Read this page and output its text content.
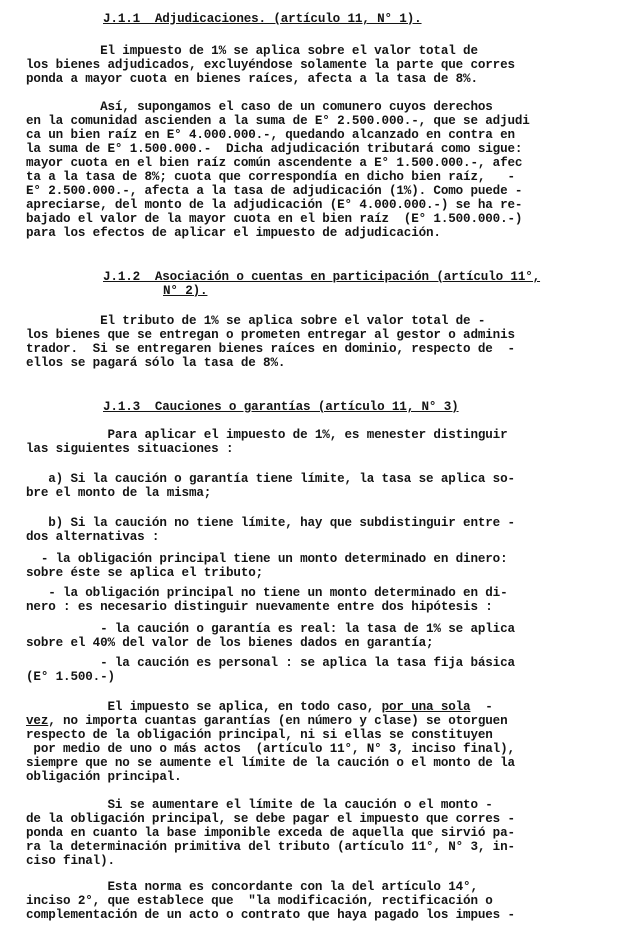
J.1.1  Adjudicaciones. (artículo 11, N° 1).
El impuesto de 1% se aplica sobre el valor total de
los bienes adjudicados, excluyéndose solamente la parte que corres
ponda a mayor cuota en bienes raíces, afecta a la tasa de 8%.
Así, supongamos el caso de un comunero cuyos derechos
en la comunidad ascienden a la suma de E° 2.500.000.-, que se adjudi
ca un bien raíz en E° 4.000.000.-, quedando alcanzado en contra en
la suma de E° 1.500.000.-  Dicha adjudicación tributará como sigue:
mayor cuota en el bien raíz común ascendente a E° 1.500.000.-, afec
ta a la tasa de 8%; cuota que correspondía en dicho bien raíz,   -
E° 2.500.000.-, afecta a la tasa de adjudicación (1%). Como puede -
apreciarse, del monto de la adjudicación (E° 4.000.000.-) se ha re-
bajado el valor de la mayor cuota en el bien raíz  (E° 1.500.000.-)
para los efectos de aplicar el impuesto de adjudicación.
J.1.2  Asociación o cuentas en participación (artículo 11°,
N° 2).
El tributo de 1% se aplica sobre el valor total de -
los bienes que se entregan o prometen entregar al gestor o adminis
trador.  Si se entregaren bienes raíces en dominio, respecto de  -
ellos se pagará sólo la tasa de 8%.
J.1.3  Cauciones o garantías (artículo 11, N° 3)
Para aplicar el impuesto de 1%, es menester distinguir
las siguientes situaciones :
a) Si la caución o garantía tiene límite, la tasa se aplica so-
bre el monto de la misma;
b) Si la caución no tiene límite, hay que subdistinguir entre -
dos alternativas :
- la obligación principal tiene un monto determinado en dinero:
sobre éste se aplica el tributo;
- la obligación principal no tiene un monto determinado en di-
nero : es necesario distinguir nuevamente entre dos hipótesis :
- la caución o garantía es real: la tasa de 1% se aplica
sobre el 40% del valor de los bienes dados en garantía;
- la caución es personal : se aplica la tasa fija básica
(E° 1.500.-)
El impuesto se aplica, en todo caso, por una sola  -
vez, no importa cuantas garantías (en número y clase) se otorguen
respecto de la obligación principal, ni si ellas se constituyen
por medio de uno o más actos  (artículo 11°, N° 3, inciso final),
siempre que no se aumente el límite de la caución o el monto de la
obligación principal.
Si se aumentare el límite de la caución o el monto -
de la obligación principal, se debe pagar el impuesto que corres -
ponda en cuanto la base imponible exceda de aquella que sirvió pa-
ra la determinación primitiva del tributo (artículo 11°, N° 3, in-
ciso final).
Esta norma es concordante con la del artículo 14°,
inciso 2°, que establece que  "la modificación, rectificación o
complementación de un acto o contrato que haya pagado los impues -
